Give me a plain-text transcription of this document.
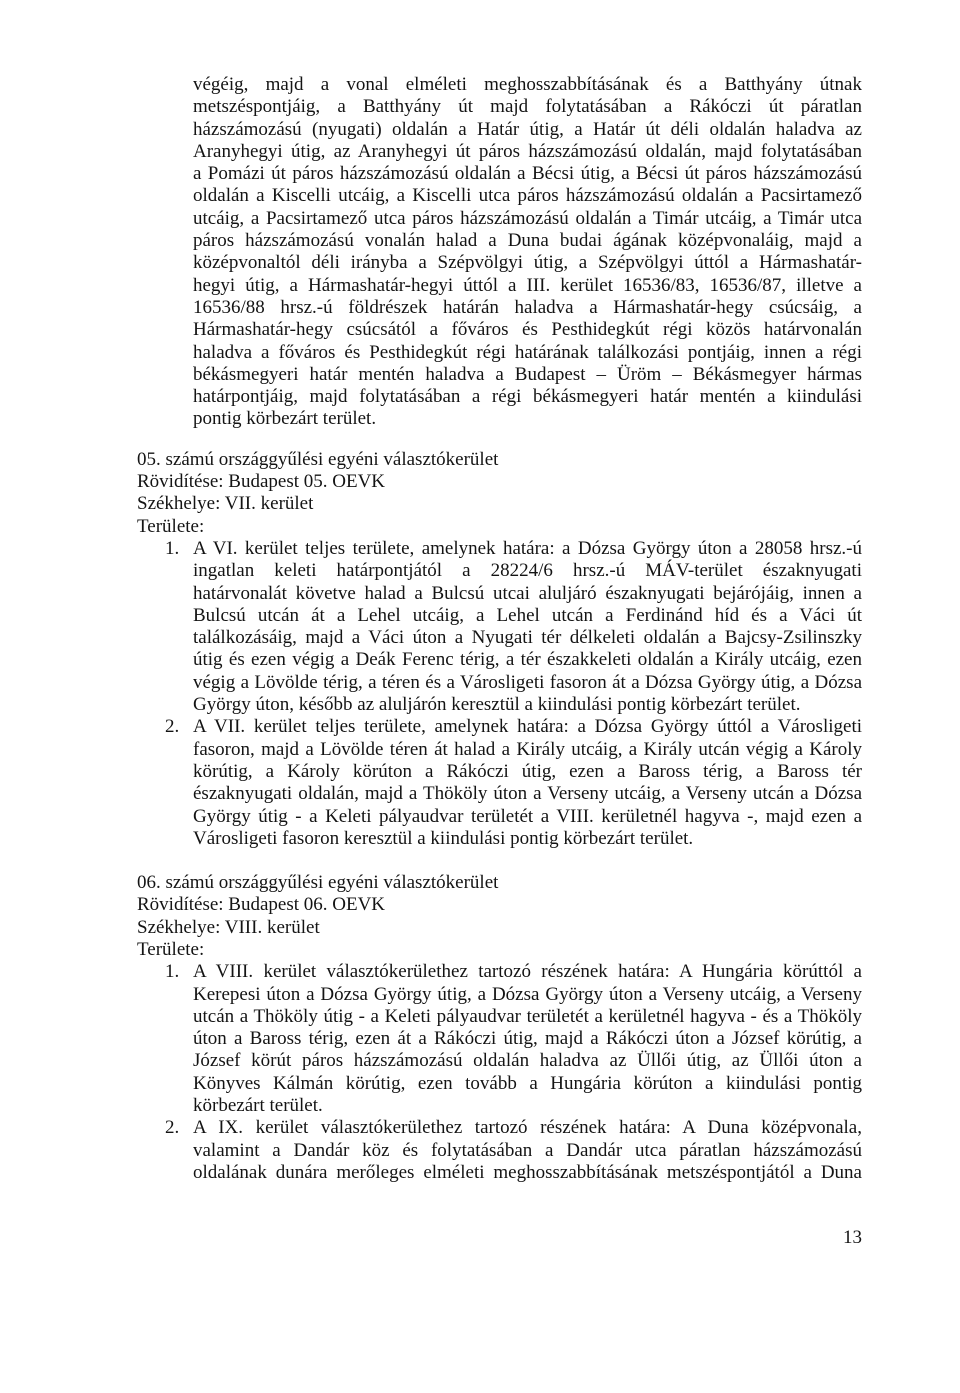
végéig, majd a vonal elméleti meghosszabbításának és a Batthyány útnak
metszéspontjáig, a Batthyány út majd folytatásában a Rákóczi út páratlan
házszámozású (nyugati) oldalán a Határ útig, a Határ út déli oldalán haladva az
Aranyhegyi útig, az Aranyhegyi út páros házszámozású oldalán, majd folytatásában
a Pomázi út páros házszámozású oldalán a Bécsi útig, a Bécsi út páros házszámozású
oldalán a Kiscelli utcáig, a Kiscelli utca páros házszámozású oldalán a Pacsirtamező
utcáig, a Pacsirtamező utca páros házszámozású oldalán a Timár utcáig, a Timár utca
páros házszámozású vonalán halad a Duna budai ágának középvonaláig, majd a
középvonaltól déli irányba a Szépvölgyi útig, a Szépvölgyi úttól a Hármashatár-
hegyi útig, a Hármashatár-hegyi úttól a III. kerület 16536/83, 16536/87, illetve a
16536/88 hrsz.-ú földrészek határán haladva a Hármashatár-hegy csúcsáig, a
Hármashatár-hegy csúcsától a főváros és Pesthidegkút régi közös határvonalán
haladva a főváros és Pesthidegkút régi határának találkozási pontjáig, innen a régi
békásmegyeri határ mentén haladva a Budapest – Üröm – Békásmegyer hármas
határpontjáig, majd folytatásában a régi békásmegyeri határ mentén a kiindulási
pontig körbezárt terület.
05. számú országgyűlési egyéni választókerület
Rövidítése: Budapest 05. OEVK
Székhelye: VII. kerület
Területe:
1. A VI. kerület teljes területe, amelynek határa: a Dózsa György úton a 28058 hrsz.-ú
ingatlan keleti határpontjától a 28224/6 hrsz.-ú MÁV-terület északnyugati
határvonalát követve halad a Bulcsú utcai aluljáró északnyugati bejárójáig, innen a
Bulcsú utcán át a Lehel utcáig, a Lehel utcán a Ferdinánd híd és a Váci út
találkozásáig, majd a Váci úton a Nyugati tér délkeleti oldalán a Bajcsy-Zsilinszky
útig és ezen végig a Deák Ferenc térig, a tér északkeleti oldalán a Király utcáig, ezen
végig a Lövölde térig, a téren és a Városligeti fasoron át a Dózsa György útig, a Dózsa
György úton, később az aluljárón keresztül a kiindulási pontig körbezárt terület.
2. A VII. kerület teljes területe, amelynek határa: a Dózsa György úttól a Városligeti
fasoron, majd a Lövölde téren át halad a Király utcáig, a Király utcán végig a Károly
körútig, a Károly körúton a Rákóczi útig, ezen a Baross térig, a Baross tér
északnyugati oldalán, majd a Thököly úton a Verseny utcáig, a Verseny utcán a Dózsa
György útig - a Keleti pályaudvar területét a VIII. kerületnél hagyva -, majd ezen a
Városligeti fasoron keresztül a kiindulási pontig körbezárt terület.
06. számú országgyűlési egyéni választókerület
Rövidítése: Budapest 06. OEVK
Székhelye: VIII. kerület
Területe:
1. A VIII. kerület választókerülethez tartozó részének határa: A Hungária körúttól a
Kerepesi úton a Dózsa György útig, a Dózsa György úton a Verseny utcáig, a Verseny
utcán a Thököly útig - a Keleti pályaudvar területét a kerületnél hagyva - és a Thököly
úton a Baross térig, ezen át a Rákóczi útig, majd a Rákóczi úton a József körútig, a
József körút páros házszámozású oldalán haladva az Üllői útig, az Üllői úton a
Könyves Kálmán körútig, ezen tovább a Hungária körúton a kiindulási pontig
körbezárt terület.
2. A IX. kerület választókerülethez tartozó részének határa: A Duna középvonala,
valamint a Dandár köz és folytatásában a Dandár utca páratlan házszámozású
oldalának dunára merőleges elméleti meghosszabbításának metszéspontjától a Duna
13
